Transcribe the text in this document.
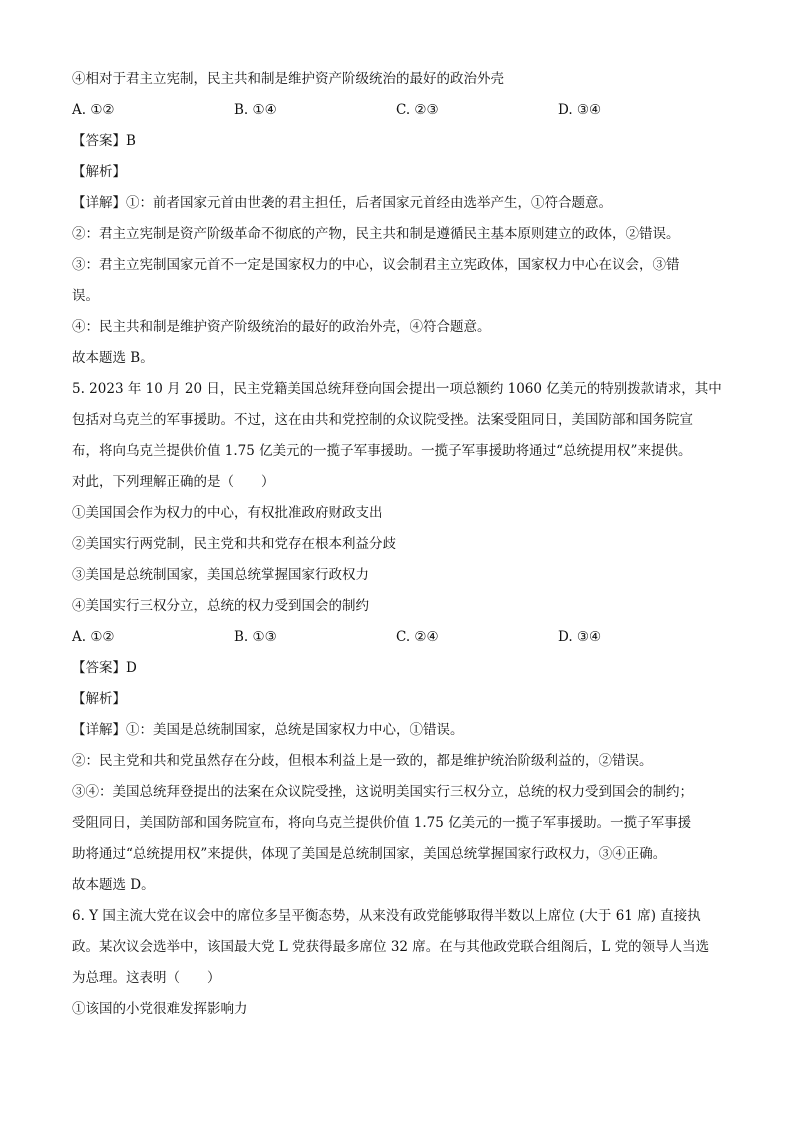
④相对于君主立宪制，民主共和制是维护资产阶级统治的最好的政治外壳
A. ①②	B. ①④	C. ②③	D. ③④
【答案】B
【解析】
【详解】①：前者国家元首由世袭的君主担任，后者国家元首经由选举产生，①符合题意。
②：君主立宪制是资产阶级革命不彻底的产物，民主共和制是遵循民主基本原则建立的政体，②错误。
③：君主立宪制国家元首不一定是国家权力的中心，议会制君主立宪政体，国家权力中心在议会，③错
误。
④：民主共和制是维护资产阶级统治的最好的政治外壳，④符合题意。
故本题选 B。
5. 2023 年 10 月 20 日，民主党籍美国总统拜登向国会提出一项总额约 1060 亿美元的特别拨款请求，其中
包括对乌克兰的军事援助。不过，这在由共和党控制的众议院受挫。法案受阻同日，美国防部和国务院宣
布，将向乌克兰提供价值 1.75 亿美元的一揽子军事援助。一揽子军事援助将通过“总统提用权”来提供。
对此，下列理解正确的是（　　）
①美国国会作为权力的中心，有权批准政府财政支出
②美国实行两党制，民主党和共和党存在根本利益分歧
③美国是总统制国家，美国总统掌握国家行政权力
④美国实行三权分立，总统的权力受到国会的制约
A. ①②	B. ①③	C. ②④	D. ③④
【答案】D
【解析】
【详解】①：美国是总统制国家，总统是国家权力中心，①错误。
②：民主党和共和党虽然存在分歧，但根本利益上是一致的，都是维护统治阶级利益的，②错误。
③④：美国总统拜登提出的法案在众议院受挫，这说明美国实行三权分立，总统的权力受到国会的制约；
受阻同日，美国防部和国务院宣布，将向乌克兰提供价值 1.75 亿美元的一揽子军事援助。一揽子军事援
助将通过“总统提用权”来提供，体现了美国是总统制国家，美国总统掌握国家行政权力，③④正确。
故本题选 D。
6. Y 国主流大党在议会中的席位多呈平衡态势，从来没有政党能够取得半数以上席位 (大于 61 席) 直接执
政。某次议会选举中，该国最大党 L 党获得最多席位 32 席。在与其他政党联合组阁后，L 党的领导人当选
为总理。这表明（　　）
①该国的小党很难发挥影响力
